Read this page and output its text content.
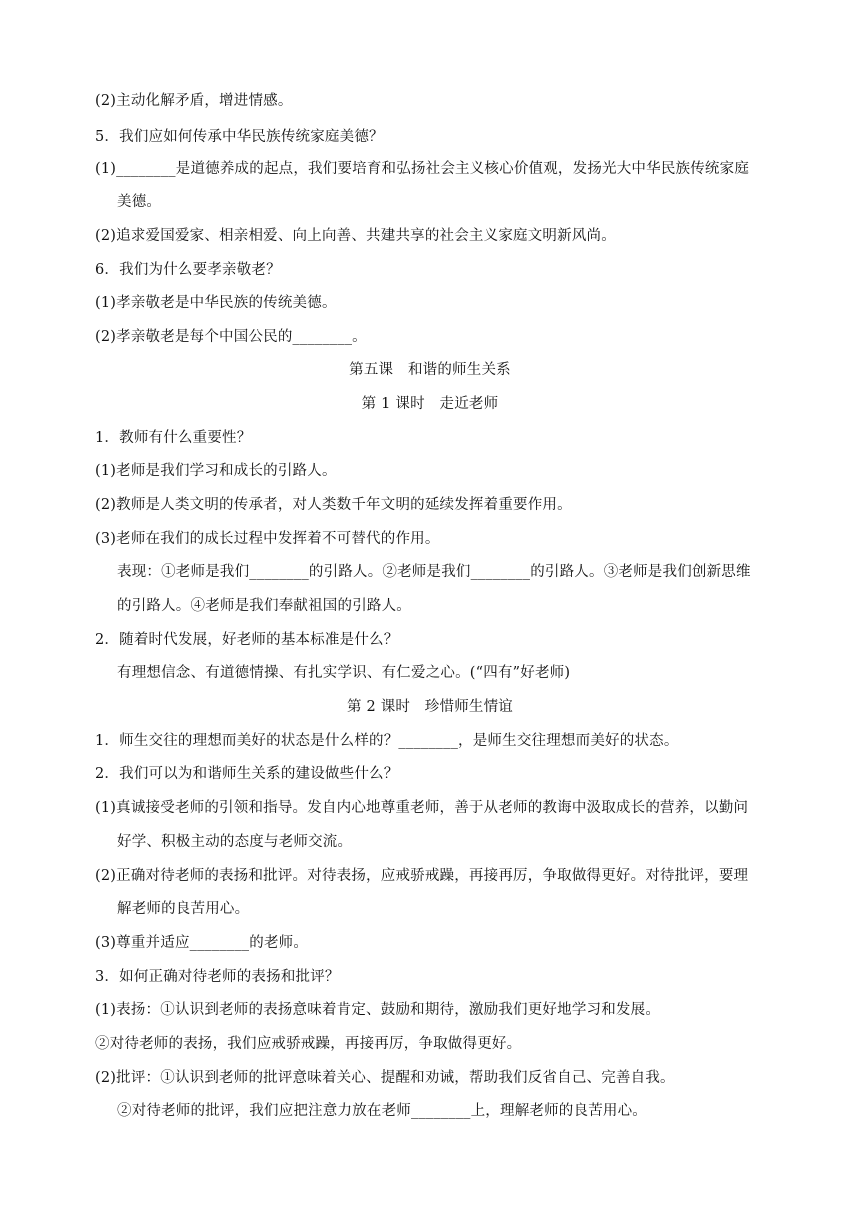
(2)主动化解矛盾，增进情感。
5．我们应如何传承中华民族传统家庭美德？
(1)________是道德养成的起点，我们要培育和弘扬社会主义核心价值观，发扬光大中华民族传统家庭
美德。
(2)追求爱国爱家、相亲相爱、向上向善、共建共享的社会主义家庭文明新风尚。
6．我们为什么要孝亲敬老？
(1)孝亲敬老是中华民族的传统美德。
(2)孝亲敬老是每个中国公民的________。
第五课　和谐的师生关系
第 1 课时　走近老师
1．教师有什么重要性？
(1)老师是我们学习和成长的引路人。
(2)教师是人类文明的传承者，对人类数千年文明的延续发挥着重要作用。
(3)老师在我们的成长过程中发挥着不可替代的作用。
表现：①老师是我们________的引路人。②老师是我们________的引路人。③老师是我们创新思维
的引路人。④老师是我们奉献祖国的引路人。
2．随着时代发展，好老师的基本标准是什么？
有理想信念、有道德情操、有扎实学识、有仁爱之心。(“四有”好老师)
第 2 课时　珍惜师生情谊
1．师生交往的理想而美好的状态是什么样的？________，是师生交往理想而美好的状态。
2．我们可以为和谐师生关系的建设做些什么？
(1)真诚接受老师的引领和指导。发自内心地尊重老师，善于从老师的教诲中汲取成长的营养，以勤问
好学、积极主动的态度与老师交流。
(2)正确对待老师的表扬和批评。对待表扬，应戒骄戒躁，再接再厉，争取做得更好。对待批评，要理
解老师的良苦用心。
(3)尊重并适应________的老师。
3．如何正确对待老师的表扬和批评？
(1)表扬：①认识到老师的表扬意味着肯定、鼓励和期待，激励我们更好地学习和发展。
②对待老师的表扬，我们应戒骄戒躁，再接再厉，争取做得更好。
(2)批评：①认识到老师的批评意味着关心、提醒和劝诫，帮助我们反省自己、完善自我。
②对待老师的批评，我们应把注意力放在老师________上，理解老师的良苦用心。
